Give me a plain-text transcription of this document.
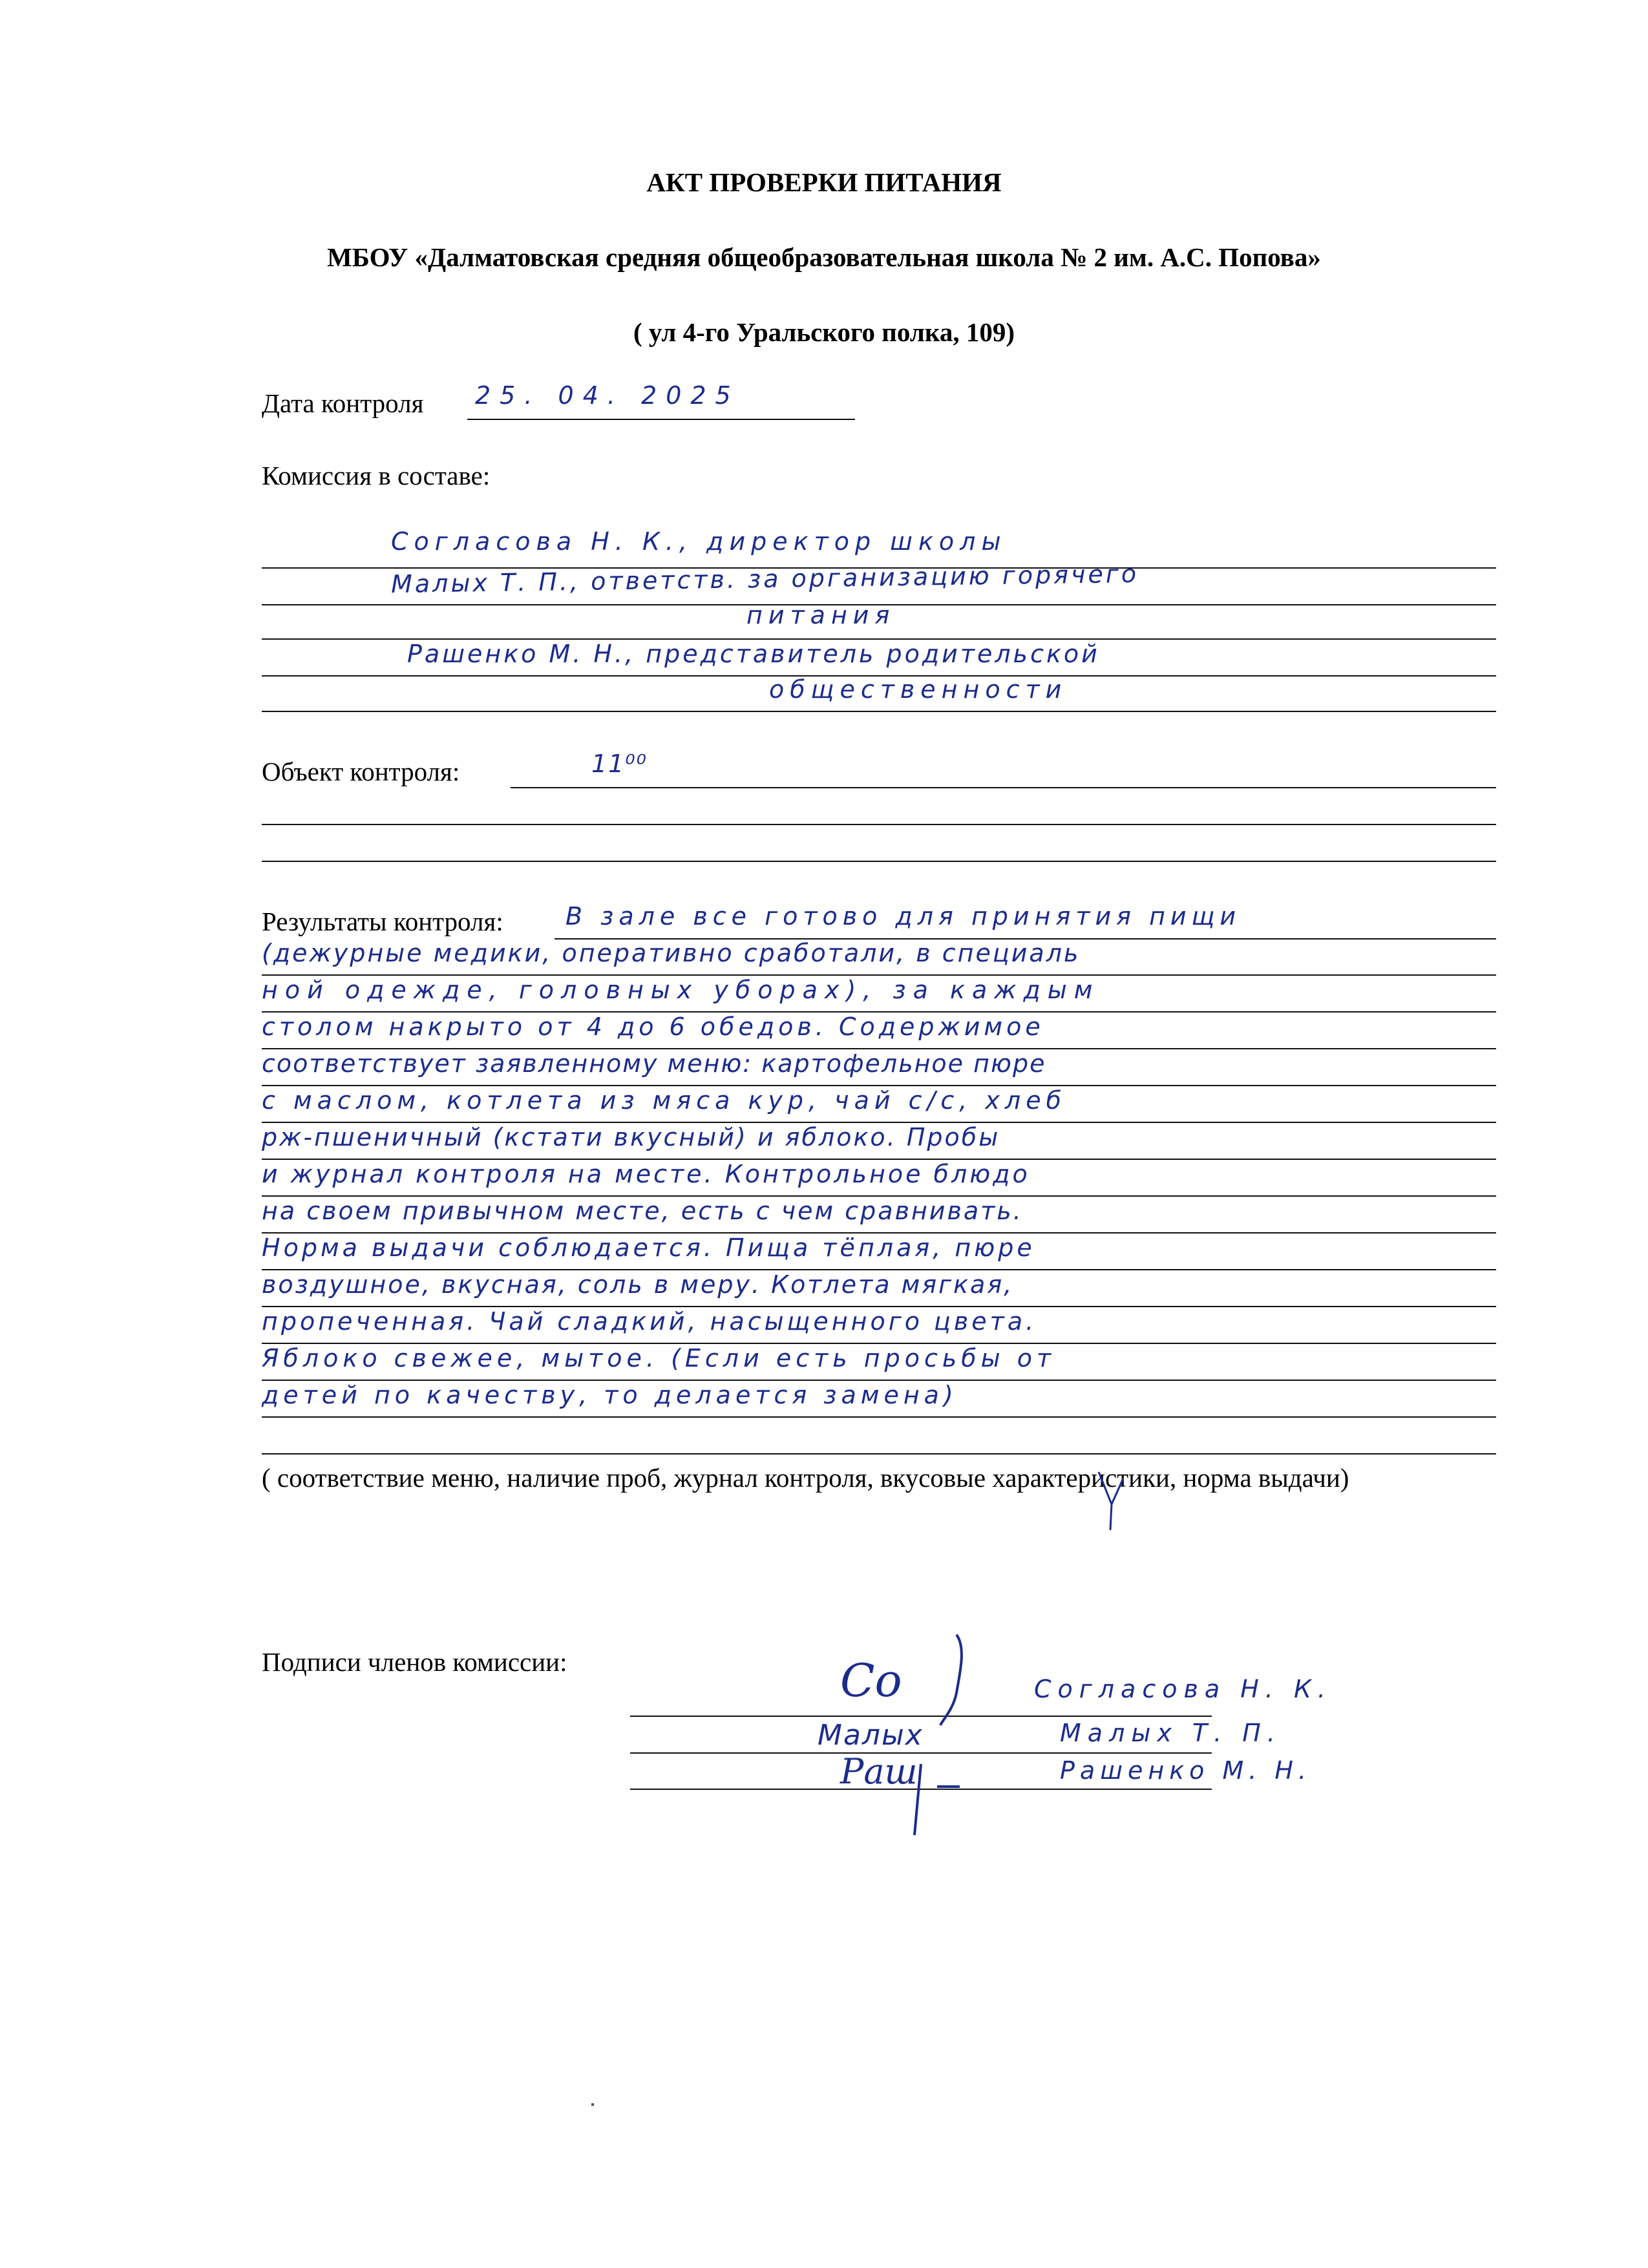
АКТ ПРОВЕРКИ ПИТАНИЯ
МБОУ «Далматовская средняя общеобразовательная школа № 2 им. А.С. Попова»
( ул 4-го Уральского полка, 109)
Дата контроля 25. 04. 2025
Комиссия в составе:
Согласова Н. К., директор школы
Малых Т. П., ответств. за организацию горячего
питания
Рашенко М. Н., представитель родительской
общественности
Объект контроля:	11⁰⁰
Результаты контроля:	В зале все готово для принятия пищи
(дежурные медики, оперативно сработали, в специаль
ной одежде, головных уборах), за каждым
столом накрыто от 4 до 6 обедов. Содержимое
соответствует заявленному меню: картофельное пюре
с маслом, котлета из мяса кур, чай с/с, хлеб
рж-пшеничный (кстати вкусный) и яблоко. Пробы
и журнал контроля на месте. Контрольное блюдо
на своем привычном месте, есть с чем сравнивать.
Норма выдачи соблюдается. Пища тёплая, пюре
воздушное, вкусная, соль в меру. Котлета мягкая,
пропеченная. Чай сладкий, насыщенного цвета.
Яблоко свежее, мытое. (Если есть просьбы от
детей по качеству, то делается замена)
( соответствие меню, наличие проб, журнал контроля, вкусовые характеристики, норма выдачи)
Подписи членов комиссии:	Со	Согласова Н. К.
Малых	Малых Т. П.
Раш	Рашенко М. Н.
